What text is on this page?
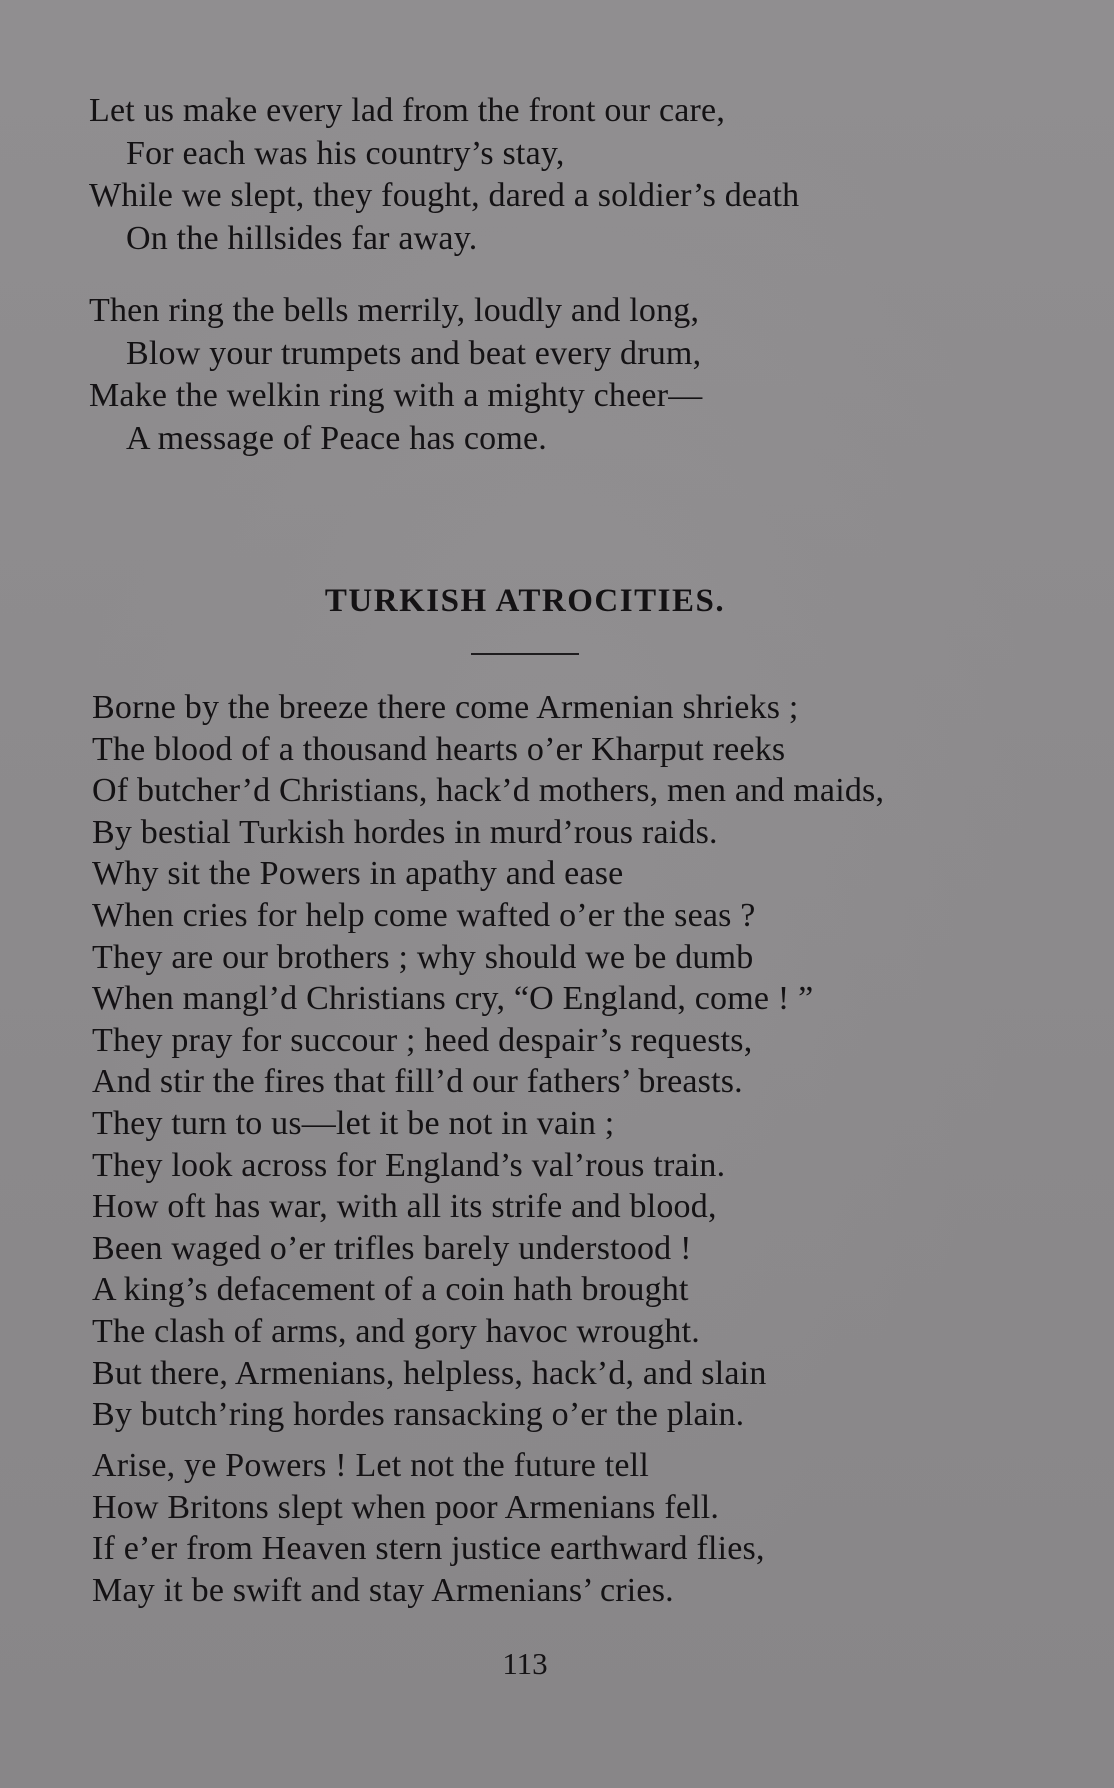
Let us make every lad from the front our care,
For each was his country’s stay,
While we slept, they fought, dared a soldier’s death
On the hillsides far away.
Then ring the bells merrily, loudly and long,
Blow your trumpets and beat every drum,
Make the welkin ring with a mighty cheer—
A message of Peace has come.
TURKISH ATROCITIES.
Borne by the breeze there come Armenian shrieks ;
The blood of a thousand hearts o’er Kharput reeks
Of butcher’d Christians, hack’d mothers, men and maids,
By bestial Turkish hordes in murd’rous raids.
Why sit the Powers in apathy and ease
When cries for help come wafted o’er the seas ?
They are our brothers ; why should we be dumb
When mangl’d Christians cry, “O England, come ! ”
They pray for succour ; heed despair’s requests,
And stir the fires that fill’d our fathers’ breasts.
They turn to us—let it be not in vain ;
They look across for England’s val’rous train.
How oft has war, with all its strife and blood,
Been waged o’er trifles barely understood !
A king’s defacement of a coin hath brought
The clash of arms, and gory havoc wrought.
But there, Armenians, helpless, hack’d, and slain
By butch’ring hordes ransacking o’er the plain.
Arise, ye Powers ! Let not the future tell
How Britons slept when poor Armenians fell.
If e’er from Heaven stern justice earthward flies,
May it be swift and stay Armenians’ cries.
113
